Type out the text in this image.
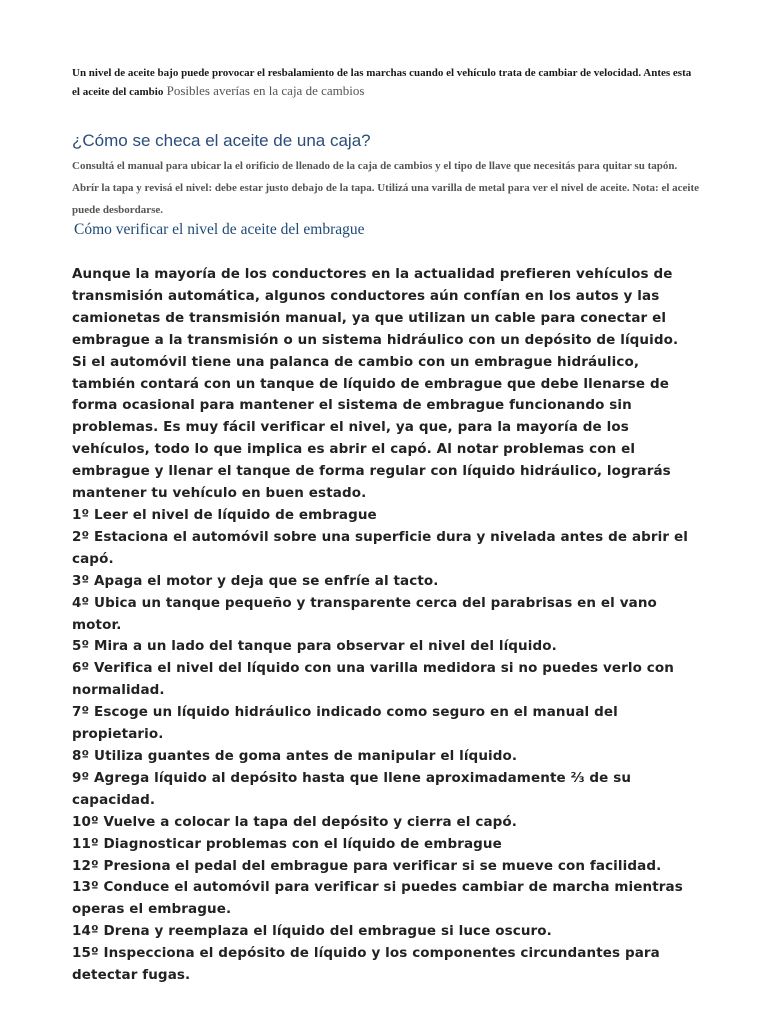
Un nivel de aceite bajo puede provocar el resbalamiento de las marchas cuando el vehículo trata de cambiar de velocidad. Antes esta el aceite del cambio Posibles averías en la caja de cambios

¿Cómo se checa el aceite de una caja?

Consultá el manual para ubicar la el orificio de llenado de la caja de cambios y el tipo de llave que necesitás para quitar su tapón. Abrír la tapa y revisá el nivel: debe estar justo debajo de la tapa. Utilizá una varilla de metal para ver el nivel de aceite. Nota: el aceite puede desbordarse.

Cómo verificar el nivel de aceite del embrague

Aunque la mayoría de los conductores en la actualidad prefieren vehículos de transmisión automática, algunos conductores aún confían en los autos y las camionetas de transmisión manual, ya que utilizan un cable para conectar el embrague a la transmisión o un sistema hidráulico con un depósito de líquido. Si el automóvil tiene una palanca de cambio con un embrague hidráulico, también contará con un tanque de líquido de embrague que debe llenarse de forma ocasional para mantener el sistema de embrague funcionando sin problemas. Es muy fácil verificar el nivel, ya que, para la mayoría de los vehículos, todo lo que implica es abrir el capó. Al notar problemas con el embrague y llenar el tanque de forma regular con líquido hidráulico, lograrás mantener tu vehículo en buen estado.

1º Leer el nivel de líquido de embrague
2º Estaciona el automóvil sobre una superficie dura y nivelada antes de abrir el capó.
3º Apaga el motor y deja que se enfríe al tacto.
4º Ubica un tanque pequeño y transparente cerca del parabrisas en el vano motor.
5º Mira a un lado del tanque para observar el nivel del líquido.
6º Verifica el nivel del líquido con una varilla medidora si no puedes verlo con normalidad.
7º Escoge un líquido hidráulico indicado como seguro en el manual del propietario.
8º Utiliza guantes de goma antes de manipular el líquido.
9º Agrega líquido al depósito hasta que llene aproximadamente ⅔ de su capacidad.
10º Vuelve a colocar la tapa del depósito y cierra el capó.
11º Diagnosticar problemas con el líquido de embrague
12º Presiona el pedal del embrague para verificar si se mueve con facilidad.
13º Conduce el automóvil para verificar si puedes cambiar de marcha mientras operas el embrague.
14º Drena y reemplaza el líquido del embrague si luce oscuro.
15º Inspecciona el depósito de líquido y los componentes circundantes para detectar fugas.
